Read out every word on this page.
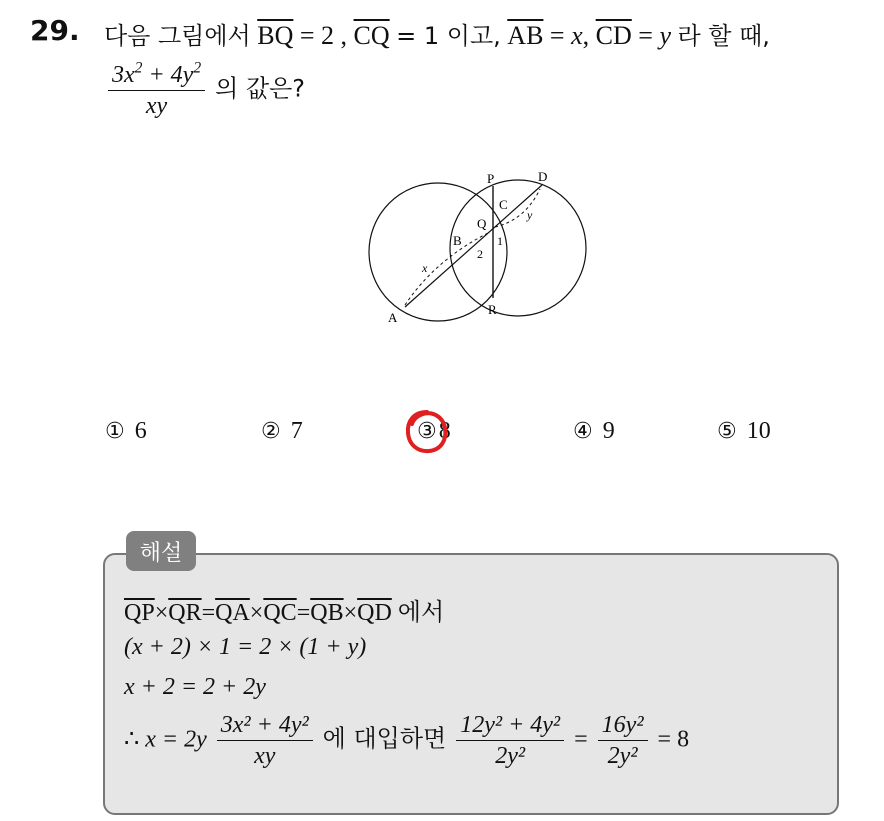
29. 다음 그림에서 $\overline{BQ} = 2$ , $\overline{CQ} = 1$ 이고, $\overline{AB} = x$, $\overline{CD} = y$ 라 할 때,
$\frac{3x^2 + 4y^2}{xy}$ 의 값은?
P	D
C
Q
B
A
R
1
2
x
y
① 6	② 7	③8	④ 9	⑤ 10
해설
$\overline{QP}\times\overline{QR}=\overline{QA}\times\overline{QC}=\overline{QB}\times\overline{QD}$ 에서
(x + 2) × 1 = 2 × (1 + y)
x + 2 = 2 + 2y
∴ $x = 2y \frac{\text{3x² + 4y²}}{xy}$ 에 대입하면 $\frac{\text{12y² + 4y²}}{\text{2y²}} = \frac{\text{16y²}}{\text{2y²}} = 8$
